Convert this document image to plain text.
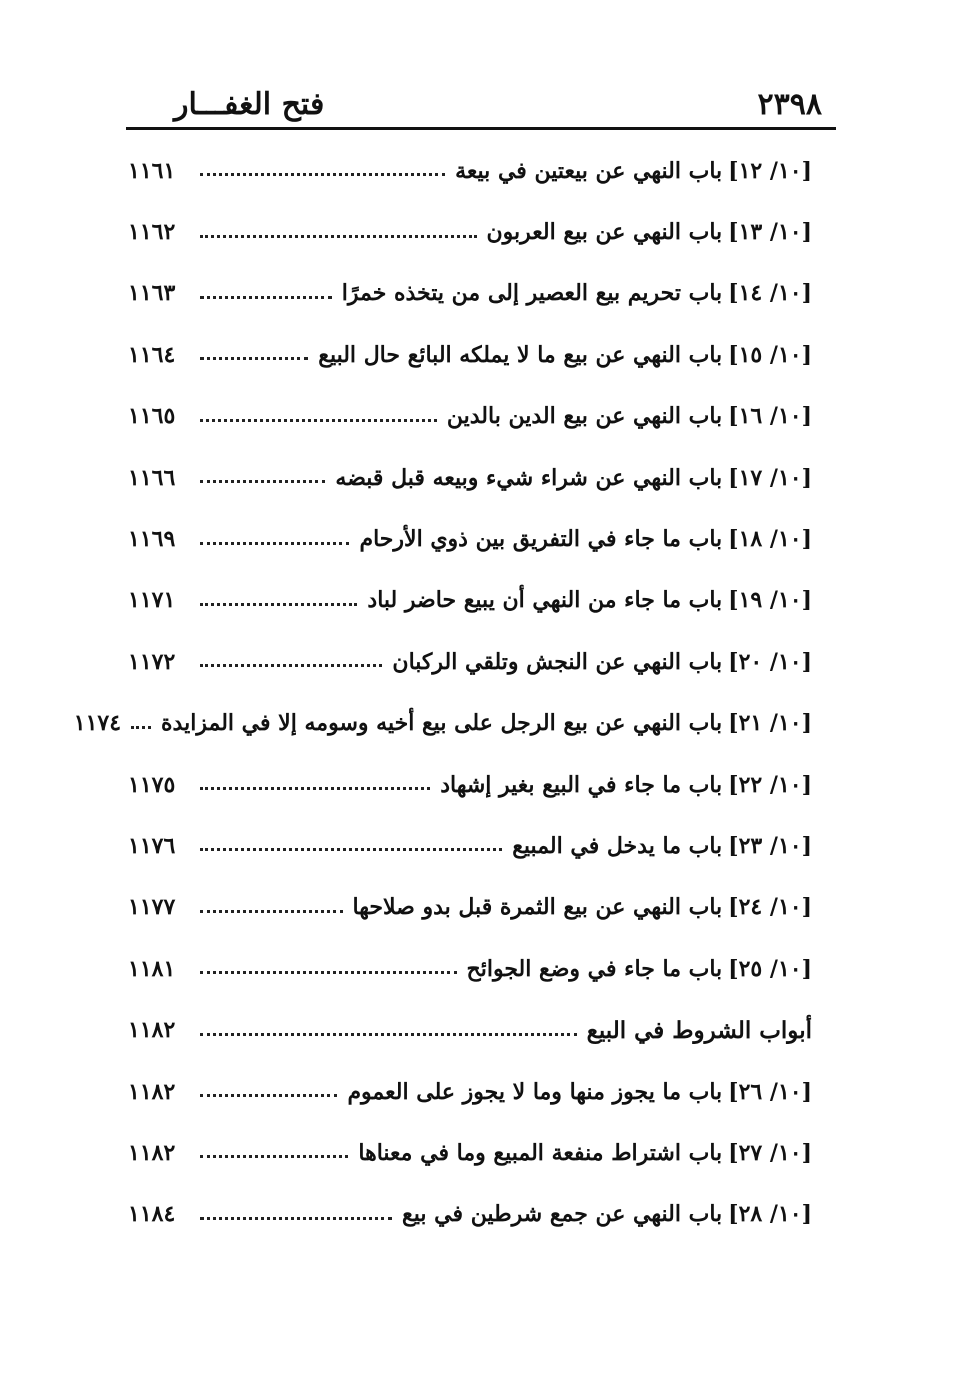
٢٣٩٨
فتح الغفـــار
[١٠/ ١٢]
باب النهي عن بيعتين في بيعة
١١٦١
[١٠/ ١٣]
باب النهي عن بيع العربون
١١٦٢
[١٠/ ١٤]
باب تحريم بيع العصير إلى من يتخذه خمرًا
١١٦٣
[١٠/ ١٥]
باب النهي عن بيع ما لا يملكه البائع حال البيع
١١٦٤
[١٠/ ١٦]
باب النهي عن بيع الدين بالدين
١١٦٥
[١٠/ ١٧]
باب النهي عن شراء شيء وبيعه قبل قبضه
١١٦٦
[١٠/ ١٨]
باب ما جاء في التفريق بين ذوي الأرحام
١١٦٩
[١٠/ ١٩]
باب ما جاء من النهي أن يبيع حاضر لباد
١١٧١
[١٠/ ٢٠]
باب النهي عن النجش وتلقي الركبان
١١٧٢
[١٠/ ٢١]
باب النهي عن بيع الرجل على بيع أخيه وسومه إلا في المزايدة
١١٧٤
[١٠/ ٢٢]
باب ما جاء في البيع بغير إشهاد
١١٧٥
[١٠/ ٢٣]
باب ما يدخل في المبيع
١١٧٦
[١٠/ ٢٤]
باب النهي عن بيع الثمرة قبل بدو صلاحها
١١٧٧
[١٠/ ٢٥]
باب ما جاء في وضع الجوائح
١١٨١
أبواب الشروط في البيع
١١٨٢
[١٠/ ٢٦]
باب ما يجوز منها وما لا يجوز على العموم
١١٨٢
[١٠/ ٢٧]
باب اشتراط منفعة المبيع وما في معناها
١١٨٢
[١٠/ ٢٨]
باب النهي عن جمع شرطين في بيع
١١٨٤
